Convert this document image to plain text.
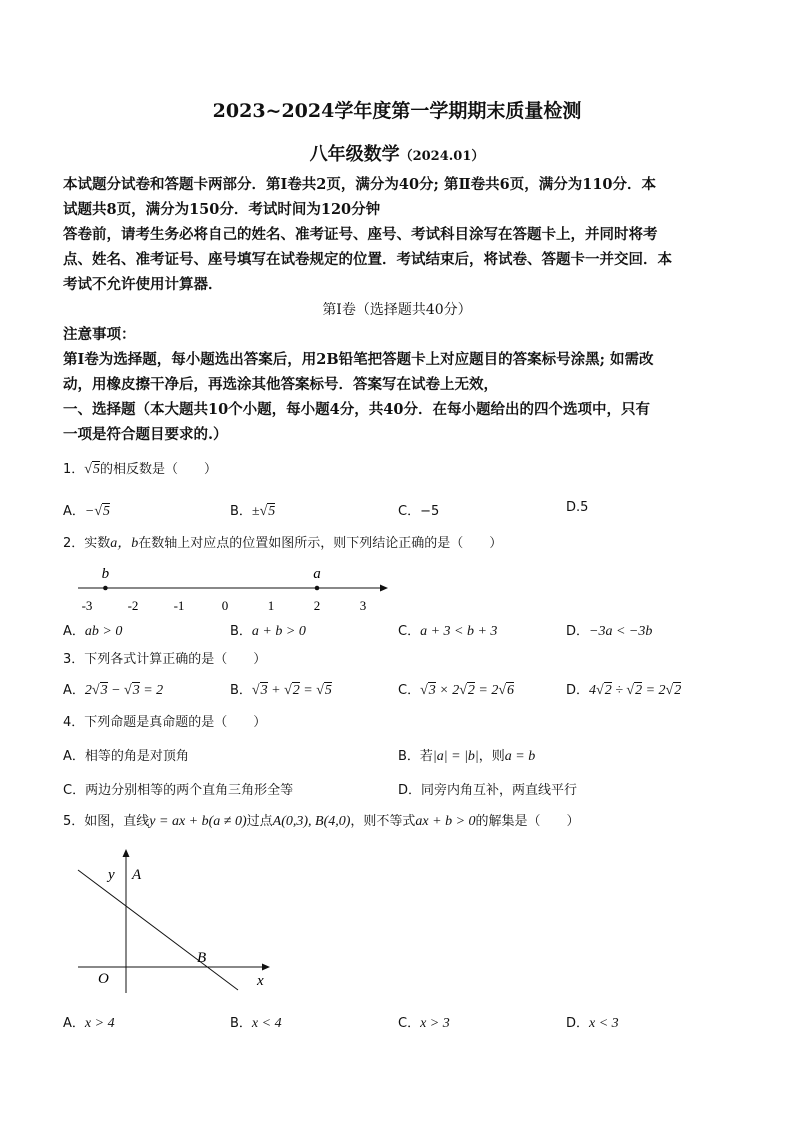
2023~2024学年度第一学期期末质量检测
八年级数学（2024.01）
本试题分试卷和答题卡两部分．第Ⅰ卷共2页，满分为40分; 第Ⅱ卷共6页，满分为110分．本
试题共8页，满分为150分．考试时间为120分钟
答卷前，请考生务必将自己的姓名、准考证号、座号、考试科目涂写在答题卡上，并同时将考
点、姓名、准考证号、座号填写在试卷规定的位置．考试结束后，将试卷、答题卡一并交回．本
考试不允许使用计算器．
第Ⅰ卷（选择题共40分）
注意事项：
第Ⅰ卷为选择题，每小题选出答案后，用2B铅笔把答题卡上对应题目的答案标号涂黑; 如需改
动，用橡皮擦干净后，再选涂其他答案标号．答案写在试卷上无效，
一、选择题（本大题共10个小题，每小题4分，共40分．在每小题给出的四个选项中，只有
一项是符合题目要求的.）
1．√5的相反数是（　　）
A．−√5	B．±√5	C．−5	D.5
2．实数a，b在数轴上对应点的位置如图所示，则下列结论正确的是（　　）
-3	-2	-1	0	1	2	3
b	a
A．ab > 0	B．a + b > 0	C．a + 3 < b + 3	D．−3a < −3b
3．下列各式计算正确的是（　　）
A．2√3 − √3 = 2	B．√3 + √2 = √5	C．√3 × 2√2 = 2√6	D．4√2 ÷ √2 = 2√2
4．下列命题是真命题的是（　　）
A．相等的角是对顶角	B．若|a| = |b|，则a = b
C．两边分别相等的两个直角三角形全等	D．同旁内角互补，两直线平行
5．如图，直线y = ax + b(a ≠ 0)过点A(0,3), B(4,0)，则不等式ax + b > 0的解集是（　　）
y
x
O
A
B
A．x > 4	B．x < 4	C．x > 3	D．x < 3
